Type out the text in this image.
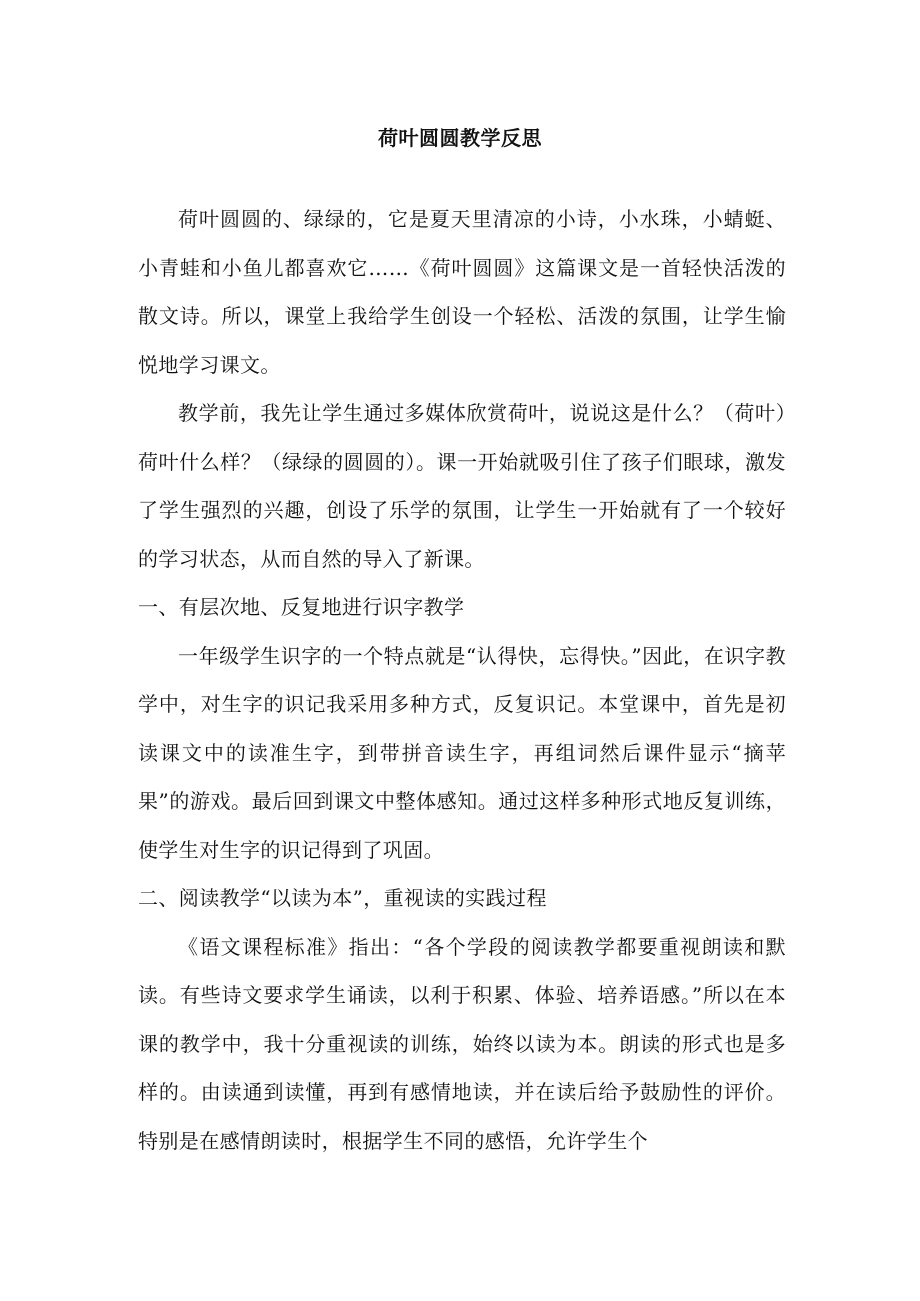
荷叶圆圆教学反思

荷叶圆圆的、绿绿的，它是夏天里清凉的小诗，小水珠，小蜻蜓、小青蛙和小鱼儿都喜欢它……《荷叶圆圆》这篇课文是一首轻快活泼的散文诗。所以，课堂上我给学生创设一个轻松、活泼的氛围，让学生愉悦地学习课文。

教学前，我先让学生通过多媒体欣赏荷叶，说说这是什么？（荷叶）荷叶什么样？（绿绿的圆圆的）。课一开始就吸引住了孩子们眼球，激发了学生强烈的兴趣，创设了乐学的氛围，让学生一开始就有了一个较好的学习状态，从而自然的导入了新课。

一、有层次地、反复地进行识字教学

一年级学生识字的一个特点就是“认得快，忘得快。”因此，在识字教学中，对生字的识记我采用多种方式，反复识记。本堂课中，首先是初读课文中的读准生字，到带拼音读生字，再组词然后课件显示“摘苹果”的游戏。最后回到课文中整体感知。通过这样多种形式地反复训练，使学生对生字的识记得到了巩固。

二、阅读教学“以读为本”，重视读的实践过程

《语文课程标准》指出：“各个学段的阅读教学都要重视朗读和默读。有些诗文要求学生诵读，以利于积累、体验、培养语感。”所以在本课的教学中，我十分重视读的训练，始终以读为本。朗读的形式也是多样的。由读通到读懂，再到有感情地读，并在读后给予鼓励性的评价。特别是在感情朗读时，根据学生不同的感悟，允许学生个
